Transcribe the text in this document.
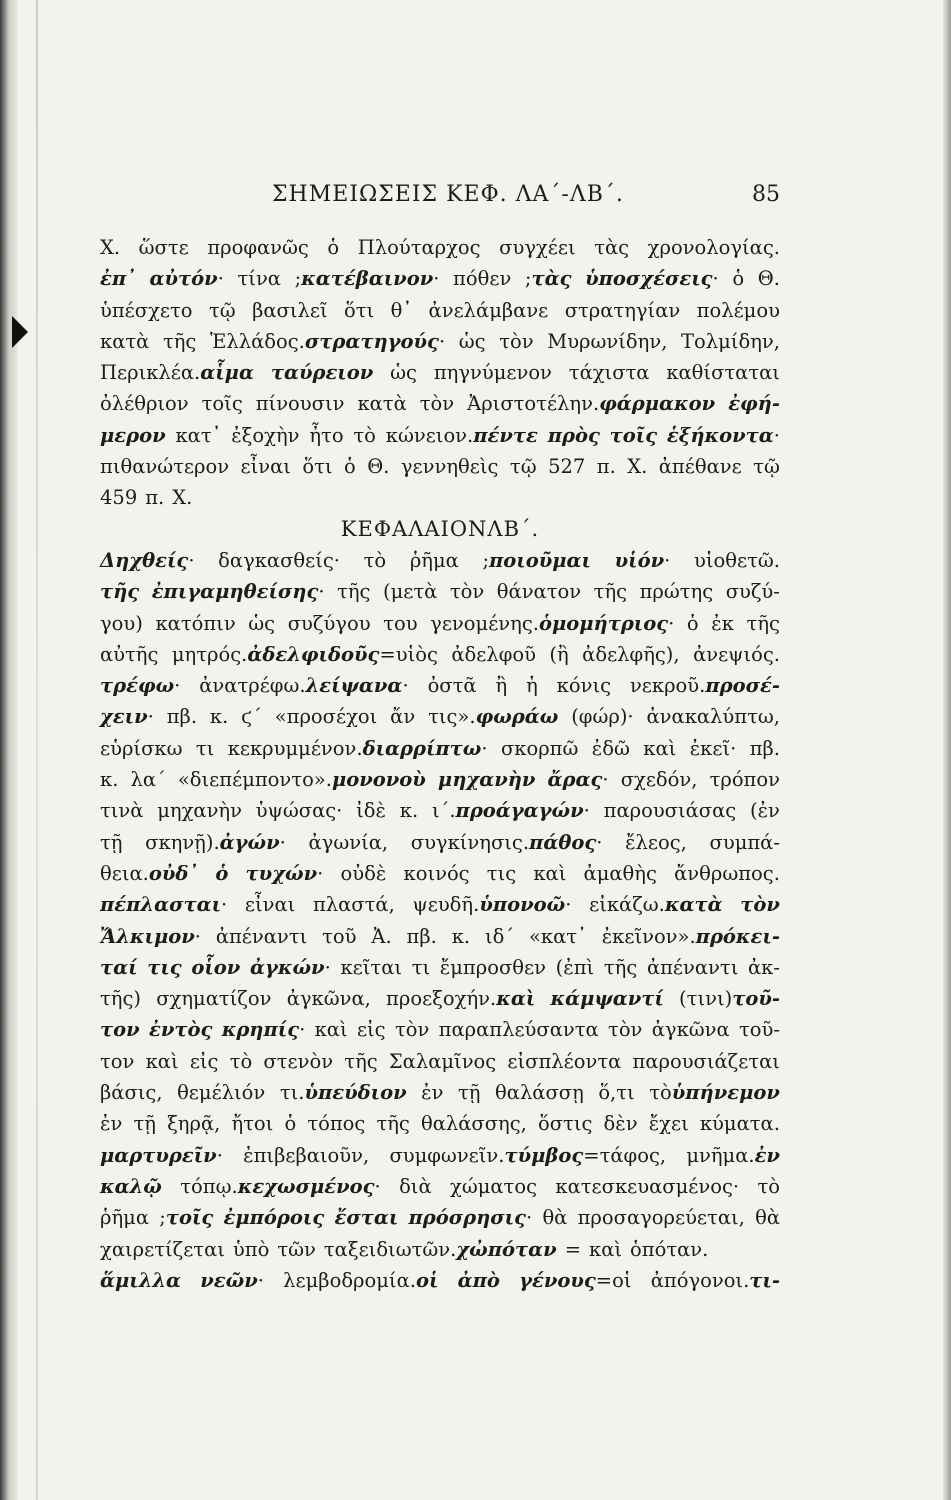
ΣΗΜΕΙΩΣΕΙΣ ΚΕΦ. ΛΑ΄-ΛΒ΄.	85
Χ. ὥστε προφανῶς ὁ Πλούταρχος συγχέει τὰς χρονολογίας.
ἐπ᾽ αὐτόν· τίνα ;κατέβαινον· πόθεν ;τὰς ὑποσχέσεις· ὁ Θ.
ὑπέσχετο τῷ βασιλεῖ ὅτι θ᾽ ἀνελάμβανε στρατηγίαν πολέμου
κατὰ τῆς Ἑλλάδος.στρατηγούς· ὡς τὸν Μυρωνίδην, Τολμίδην,
Περικλέα.αἷμα ταύρειον ὡς πηγνύμενον τάχιστα καθίσταται
ὀλέθριον τοῖς πίνουσιν κατὰ τὸν Ἀριστοτέλην.φάρμακον ἐφή-
μερον κατ᾽ ἐξοχὴν ἦτο τὸ κώνειον.πέντε πρὸς τοῖς ἑξήκοντα·
πιθανώτερον εἶναι ὅτι ὁ Θ. γεννηθεὶς τῷ 527 π. Χ. ἀπέθανε τῷ
459 π. Χ.
ΚΕΦΑΛΑΙΟΝ ΛΒ΄.
Δηχθείς· δαγκασθείς· τὸ ῥῆμα ;ποιοῦμαι υἱόν· υἱοθετῶ.
τῆς ἐπιγαμηθείσης· τῆς (μετὰ τὸν θάνατον τῆς πρώτης συζύ-
γου) κατόπιν ὡς συζύγου του γενομένης.ὁμομήτριος· ὁ ἐκ τῆς
αὐτῆς μητρός.ἀδελφιδοῦς=υἱὸς ἀδελφοῦ (ἢ ἀδελφῆς), ἀνεψιός.
τρέφω· ἀνατρέφω.λείψανα· ὀστᾶ ἢ ἡ κόνις νεκροῦ.προσέ-
χειν· πβ. κ. ϛ΄ «προσέχοι ἄν τις».φωράω (φώρ)· ἀνακαλύπτω,
εὑρίσκω τι κεκρυμμένον.διαρρίπτω· σκορπῶ ἐδῶ καὶ ἐκεῖ· πβ.
κ. λα΄ «διεπέμποντο».μονονοὺ μηχανὴν ἄρας· σχεδόν, τρόπον
τινὰ μηχανὴν ὑψώσας· ἰδὲ κ. ι΄.προάγαγών· παρουσιάσας (ἐν
τῇ σκηνῇ).ἀγών· ἀγωνία, συγκίνησις.πάθος· ἔλεος, συμπά-
θεια.οὐδ᾽ ὁ τυχών· οὐδὲ κοινός τις καὶ ἀμαθὴς ἄνθρωπος.
πέπλασται· εἶναι πλαστά, ψευδῆ.ὑπονοῶ· εἰκάζω.κατὰ τὸν
Ἄλκιμον· ἀπέναντι τοῦ Ἀ. πβ. κ. ιδ΄ «κατ᾽ ἐκεῖνον».πρόκει-
ταί τις οἷον ἀγκών· κεῖται τι ἔμπροσθεν (ἐπὶ τῆς ἀπέναντι ἀκ-
τῆς) σχηματίζον ἀγκῶνα, προεξοχήν.καὶ κάμψαντί (τινι)τοῦ-
τον ἐντὸς κρηπίς· καὶ εἰς τὸν παραπλεύσαντα τὸν ἀγκῶνα τοῦ-
τον καὶ εἰς τὸ στενὸν τῆς Σαλαμῖνος εἰσπλέοντα παρουσιάζεται
βάσις, θεμέλιόν τι.ὑπεύδιον ἐν τῇ θαλάσσῃ ὅ,τι τὸὑπήνεμον
ἐν τῇ ξηρᾷ, ἤτοι ὁ τόπος τῆς θαλάσσης, ὅστις δὲν ἔχει κύματα.
μαρτυρεῖν· ἐπιβεβαιοῦν, συμφωνεῖν.τύμβος=τάφος, μνῆμα.ἐν
καλῷ τόπῳ.κεχωσμένος· διὰ χώματος κατεσκευασμένος· τὸ
ῥῆμα ;τοῖς ἐμπόροις ἔσται πρόσρησις· θὰ προσαγορεύεται, θὰ
χαιρετίζεται ὑπὸ τῶν ταξειδιωτῶν.χὠπόταν = καὶ ὁπόταν.
ἅμιλλα νεῶν· λεμβοδρομία.οἱ ἀπὸ γένους=οἱ ἀπόγονοι.τι-
